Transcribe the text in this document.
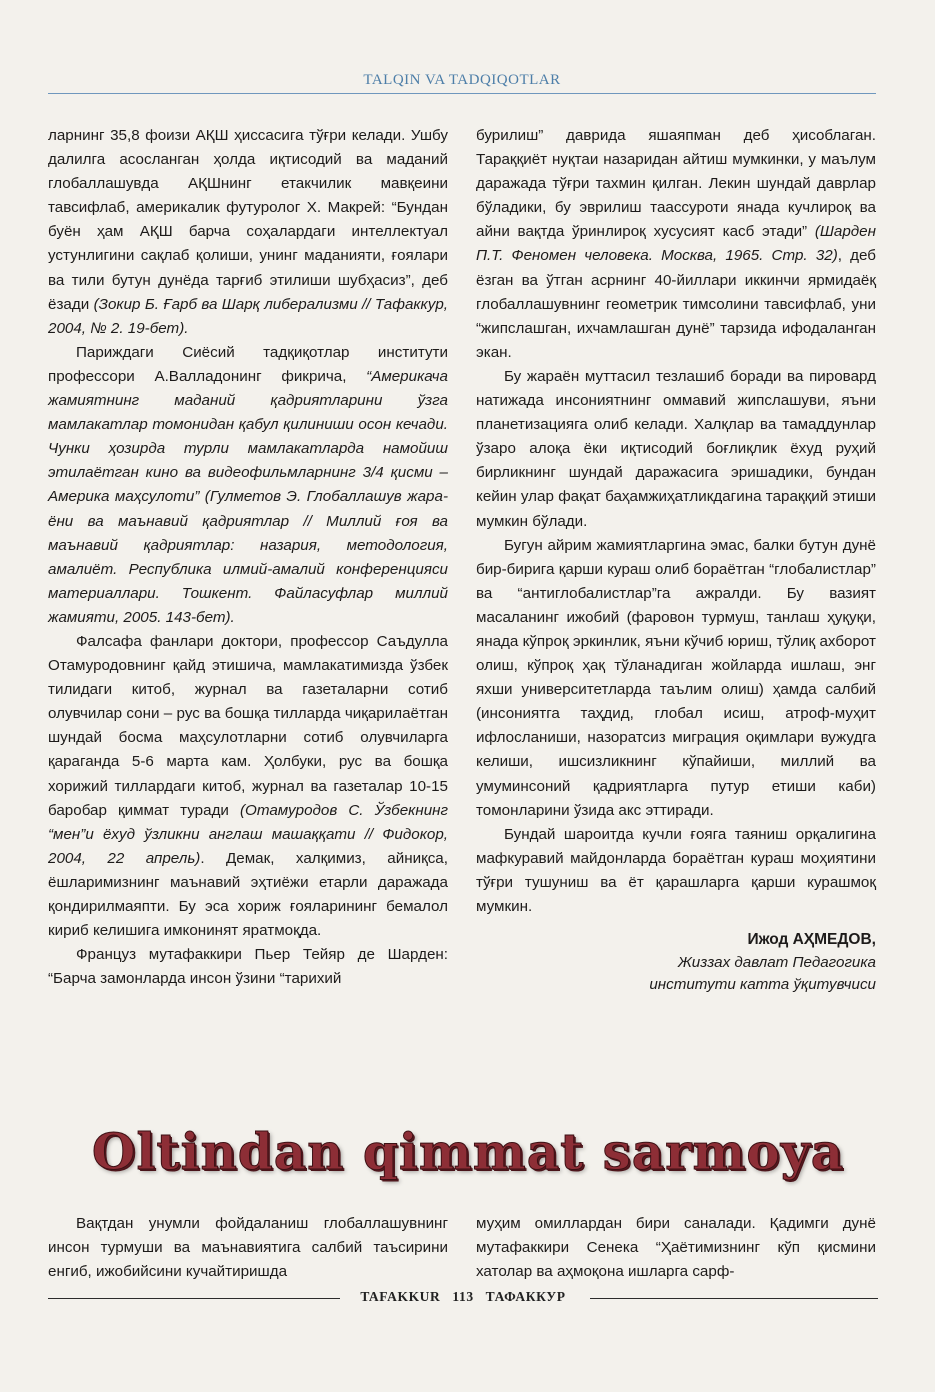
TALQIN VA TADQIQOTLAR

ларнинг 35,8 фоизи АҚШ ҳиссасига тўғри келади. Ушбу далилга асосланган ҳолда иқтисодий ва маданий глобаллашувда АҚШнинг етакчилик мавқеини тавсифлаб, америкалик футуролог Х. Макрей: “Бундан буён ҳам АҚШ барча соҳалардаги интеллектуал устунлигини сақлаб қолиши, унинг маданияти, ғоялари ва тили бутун дунёда тарғиб этилиши шубҳасиз”, деб ёзади (Зокир Б. Ғарб ва Шарқ либерализми // Тафаккур, 2004, № 2. 19-бет).

Париждаги Сиёсий тадқиқотлар институти профессори А.Валладонинг фикрича, “Америкача жамиятнинг маданий қадриятларини ўзга мамлакатлар томонидан қабул қилиниши осон кечади. Чунки ҳозирда турли мамлакатларда намойиш этилаётган кино ва видеофильмларнинг 3/4 қисми – Америка маҳсулоти” (Гулметов Э. Глобаллашув жараёни ва маънавий қадриятлар // Миллий ғоя ва маънавий қадриятлар: назария, методология, амалиёт. Республика илмий-амалий конференцияси материаллари. Тошкент. Файласуфлар миллий жамияти, 2005. 143-бет).

Фалсафа фанлари доктори, профессор Саъдулла Отамуродовнинг қайд этишича, мамлакатимизда ўзбек тилидаги китоб, журнал ва газеталарни сотиб олувчилар сони – рус ва бошқа тилларда чиқарилаётган шундай босма маҳсулотларни сотиб олувчиларга қараганда 5-6 марта кам. Ҳолбуки, рус ва бошқа хорижий тиллардаги китоб, журнал ва газеталар 10-15 баробар қиммат туради (Отамуродов С. Ўзбекнинг “мен”и ёхуд ўзликни англаш машаққати // Фидокор, 2004, 22 апрель). Демак, халқимиз, айниқса, ёшларимизнинг маънавий эҳтиёжи етарли даражада қондирилмаяпти. Бу эса хориж ғояларининг бемалол кириб келишига имконинят яратмоқда.

Француз мутафаккири Пьер Тейяр де Шарден: “Барча замонларда инсон ўзини “тарихий

бурилиш” даврида яшаяпман деб ҳисоблаган. Тараққиёт нуқтаи назаридан айтиш мумкинки, у маълум даражада тўғри тахмин қилган. Лекин шундай даврлар бўладики, бу эврилиш таассуроти янада кучлироқ ва айни вақтда ўринлироқ хусусият касб этади” (Шарден П.Т. Феномен человека. Москва, 1965. Стр. 32), деб ёзган ва ўтган асрнинг 40-йиллари иккинчи ярмидаёқ глобаллашувнинг геометрик тимсолини тавсифлаб, уни “жипслашган, ихчамлашган дунё” тарзида ифодаланган экан.

Бу жараён муттасил тезлашиб боради ва пировард натижада инсониятнинг оммавий жипслашуви, яъни планетизацияга олиб келади. Халқлар ва тамаддунлар ўзаро алоқа ёки иқтисодий боғлиқлик ёхуд руҳий бирликнинг шундай даражасига эришадики, бундан кейин улар фақат баҳамжиҳатликдагина тараққий этиши мумкин бўлади.

Бугун айрим жамиятларгина эмас, балки бутун дунё бир-бирига қарши кураш олиб бораётган “глобалистлар” ва “антиглобалистлар”га ажралди. Бу вазият масаланинг ижобий (фаровон турмуш, танлаш ҳуқуқи, янада кўпроқ эркинлик, яъни кўчиб юриш, тўлиқ ахборот олиш, кўпроқ ҳақ тўланадиган жойларда ишлаш, энг яхши университетларда таълим олиш) ҳамда салбий (инсониятга таҳдид, глобал исиш, атроф-муҳит ифлосланиши, назоратсиз миграция оқимлари вужудга келиши, ишсизликнинг кўпайиши, миллий ва умуминсоний қадриятларга путур етиши каби) томонларини ўзида акс эттиради.

Бундай шароитда кучли ғояга таяниш орқалигина мафкуравий майдонларда бораётган кураш моҳиятини тўғри тушуниш ва ёт қарашларга қарши курашмоқ мумкин.

Ижод АҲМЕДОВ,
Жиззах давлат Педагогика
институти катта ўқитувчиси
Oltindan qimmat sarmoya

Вақтдан унумли фойдаланиш глобаллашувнинг инсон турмуши ва маънавиятига салбий таъсирини енгиб, ижобийсини кучайтиришда

муҳим омиллардан бири саналади. Қадимги дунё мутафаккири Сенека “Ҳаётимизнинг кўп қисмини хатолар ва аҳмоқона ишларга сарф-

TAFAKKUR 113 ТАФАККУР
